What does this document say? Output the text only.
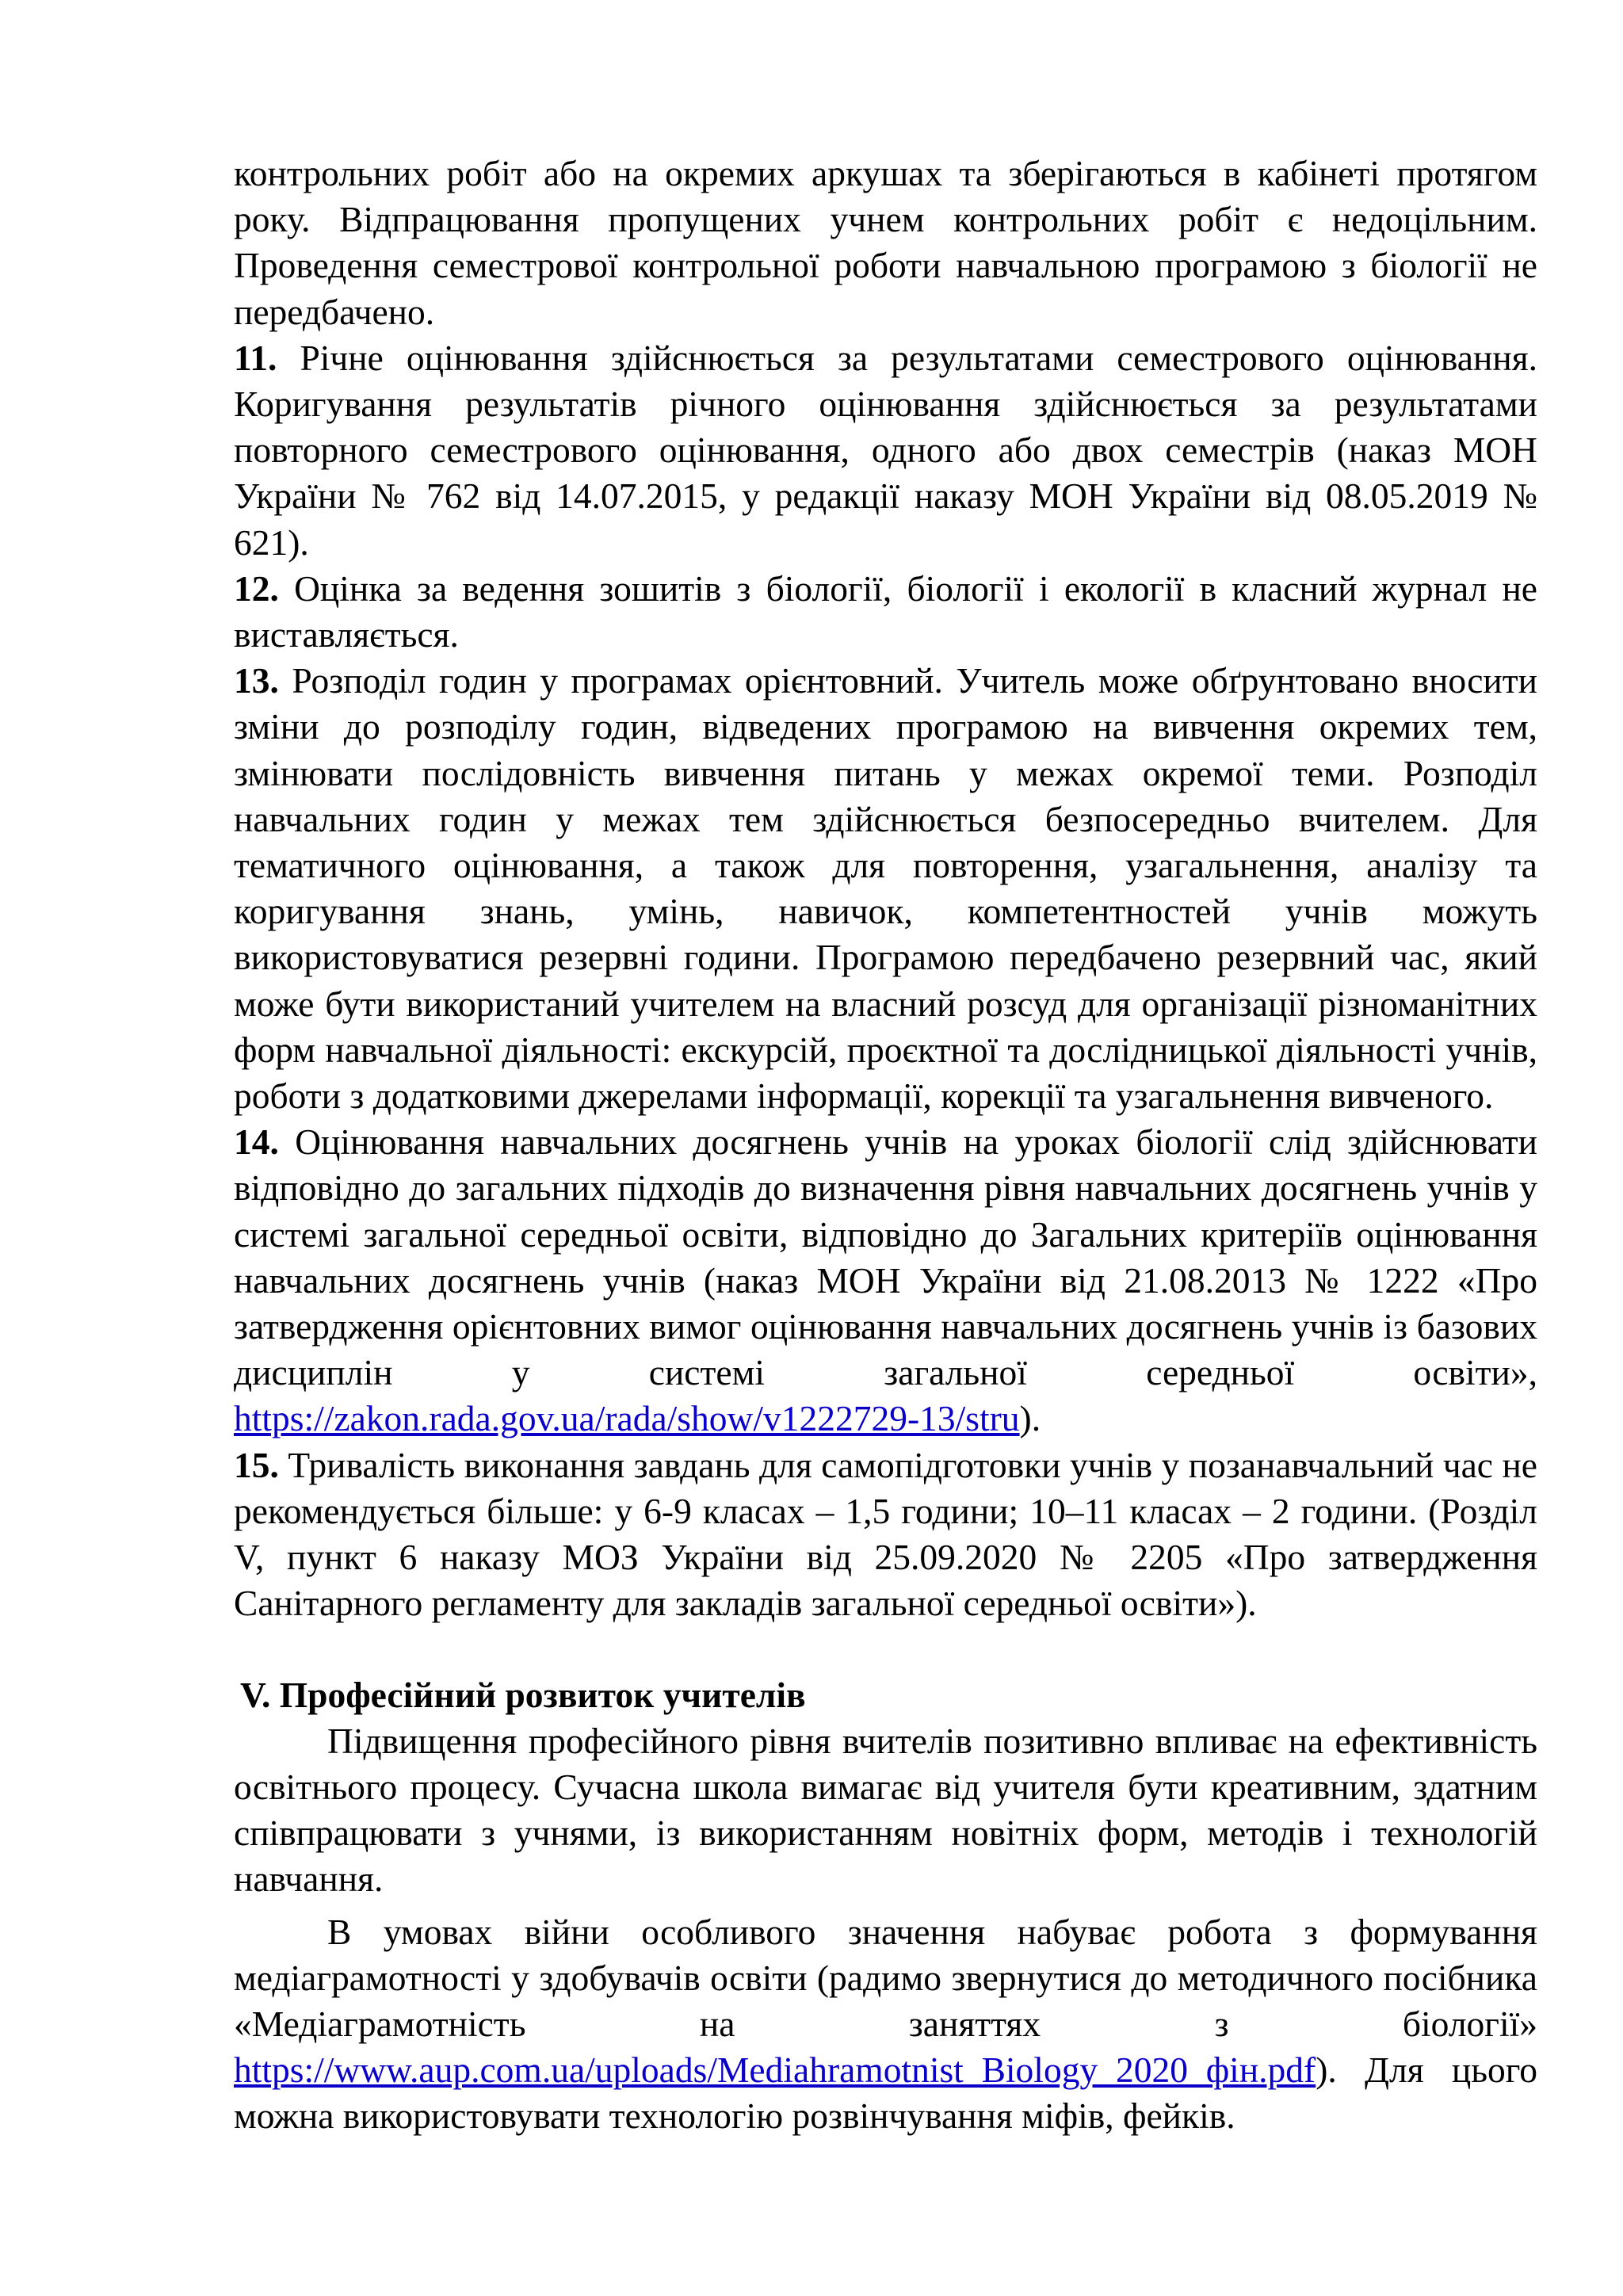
контрольних робіт або на окремих аркушах та зберігаються в кабінеті протягом року. Відпрацювання пропущених учнем контрольних робіт є недоцільним. Проведення семестрової контрольної роботи навчальною програмою з біології не передбачено.

11. Річне оцінювання здійснюється за результатами семестрового оцінювання. Коригування результатів річного оцінювання здійснюється за результатами повторного семестрового оцінювання, одного або двох семестрів (наказ МОН України № 762 від 14.07.2015, у редакції наказу МОН України від 08.05.2019 № 621).

12. Оцінка за ведення зошитів з біології, біології і екології в класний журнал не виставляється.

13. Розподіл годин у програмах орієнтовний. Учитель може обґрунтовано вносити зміни до розподілу годин, відведених програмою на вивчення окремих тем, змінювати послідовність вивчення питань у межах окремої теми. Розподіл навчальних годин у межах тем здійснюється безпосередньо вчителем. Для тематичного оцінювання, а також для повторення, узагальнення, аналізу та коригування знань, умінь, навичок, компетентностей учнів можуть використовуватися резервні години. Програмою передбачено резервний час, який може бути використаний учителем на власний розсуд для організації різноманітних форм навчальної діяльності: екскурсій, проєктної та дослідницької діяльності учнів, роботи з додатковими джерелами інформації, корекції та узагальнення вивченого.

14. Оцінювання навчальних досягнень учнів на уроках біології слід здійснювати відповідно до загальних підходів до визначення рівня навчальних досягнень учнів у системі загальної середньої освіти, відповідно до Загальних критеріїв оцінювання навчальних досягнень учнів (наказ МОН України від 21.08.2013 № 1222 «Про затвердження орієнтовних вимог оцінювання навчальних досягнень учнів із базових дисциплін у системі загальної середньої освіти», https://zakon.rada.gov.ua/rada/show/v1222729-13/stru).

15. Тривалість виконання завдань для самопідготовки учнів у позанавчальний час не рекомендується більше: у 6-9 класах – 1,5 години; 10–11 класах – 2 години. (Розділ V, пункт 6 наказу МОЗ України від 25.09.2020 № 2205 «Про затвердження Санітарного регламенту для закладів загальної середньої освіти»).

V. Професійний розвиток учителів

Підвищення професійного рівня вчителів позитивно впливає на ефективність освітнього процесу. Сучасна школа вимагає від учителя бути креативним, здатним співпрацювати з учнями, із використанням новітніх форм, методів і технологій навчання.

В умовах війни особливого значення набуває робота з формування медіаграмотності у здобувачів освіти (радимо звернутися до методичного посібника «Медіаграмотність на заняттях з біології» https://www.aup.com.ua/uploads/Mediahramotnist_Biology_2020_фін.pdf). Для цього можна використовувати технологію розвінчування міфів, фейків.
